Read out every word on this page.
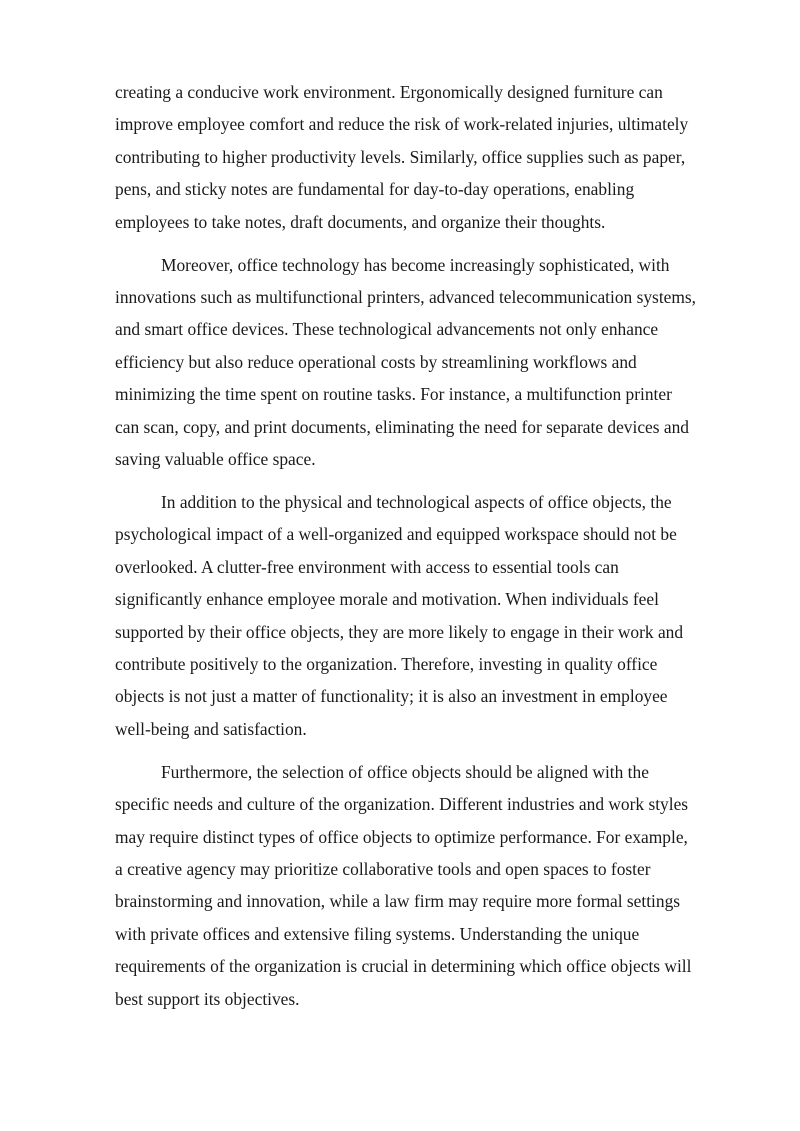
creating a conducive work environment. Ergonomically designed furniture can
improve employee comfort and reduce the risk of work-related injuries, ultimately
contributing to higher productivity levels. Similarly, office supplies such as paper,
pens, and sticky notes are fundamental for day-to-day operations, enabling
employees to take notes, draft documents, and organize their thoughts.

Moreover, office technology has become increasingly sophisticated, with
innovations such as multifunctional printers, advanced telecommunication systems,
and smart office devices. These technological advancements not only enhance
efficiency but also reduce operational costs by streamlining workflows and
minimizing the time spent on routine tasks. For instance, a multifunction printer
can scan, copy, and print documents, eliminating the need for separate devices and
saving valuable office space.

In addition to the physical and technological aspects of office objects, the
psychological impact of a well-organized and equipped workspace should not be
overlooked. A clutter-free environment with access to essential tools can
significantly enhance employee morale and motivation. When individuals feel
supported by their office objects, they are more likely to engage in their work and
contribute positively to the organization. Therefore, investing in quality office
objects is not just a matter of functionality; it is also an investment in employee
well-being and satisfaction.

Furthermore, the selection of office objects should be aligned with the
specific needs and culture of the organization. Different industries and work styles
may require distinct types of office objects to optimize performance. For example,
a creative agency may prioritize collaborative tools and open spaces to foster
brainstorming and innovation, while a law firm may require more formal settings
with private offices and extensive filing systems. Understanding the unique
requirements of the organization is crucial in determining which office objects will
best support its objectives.
